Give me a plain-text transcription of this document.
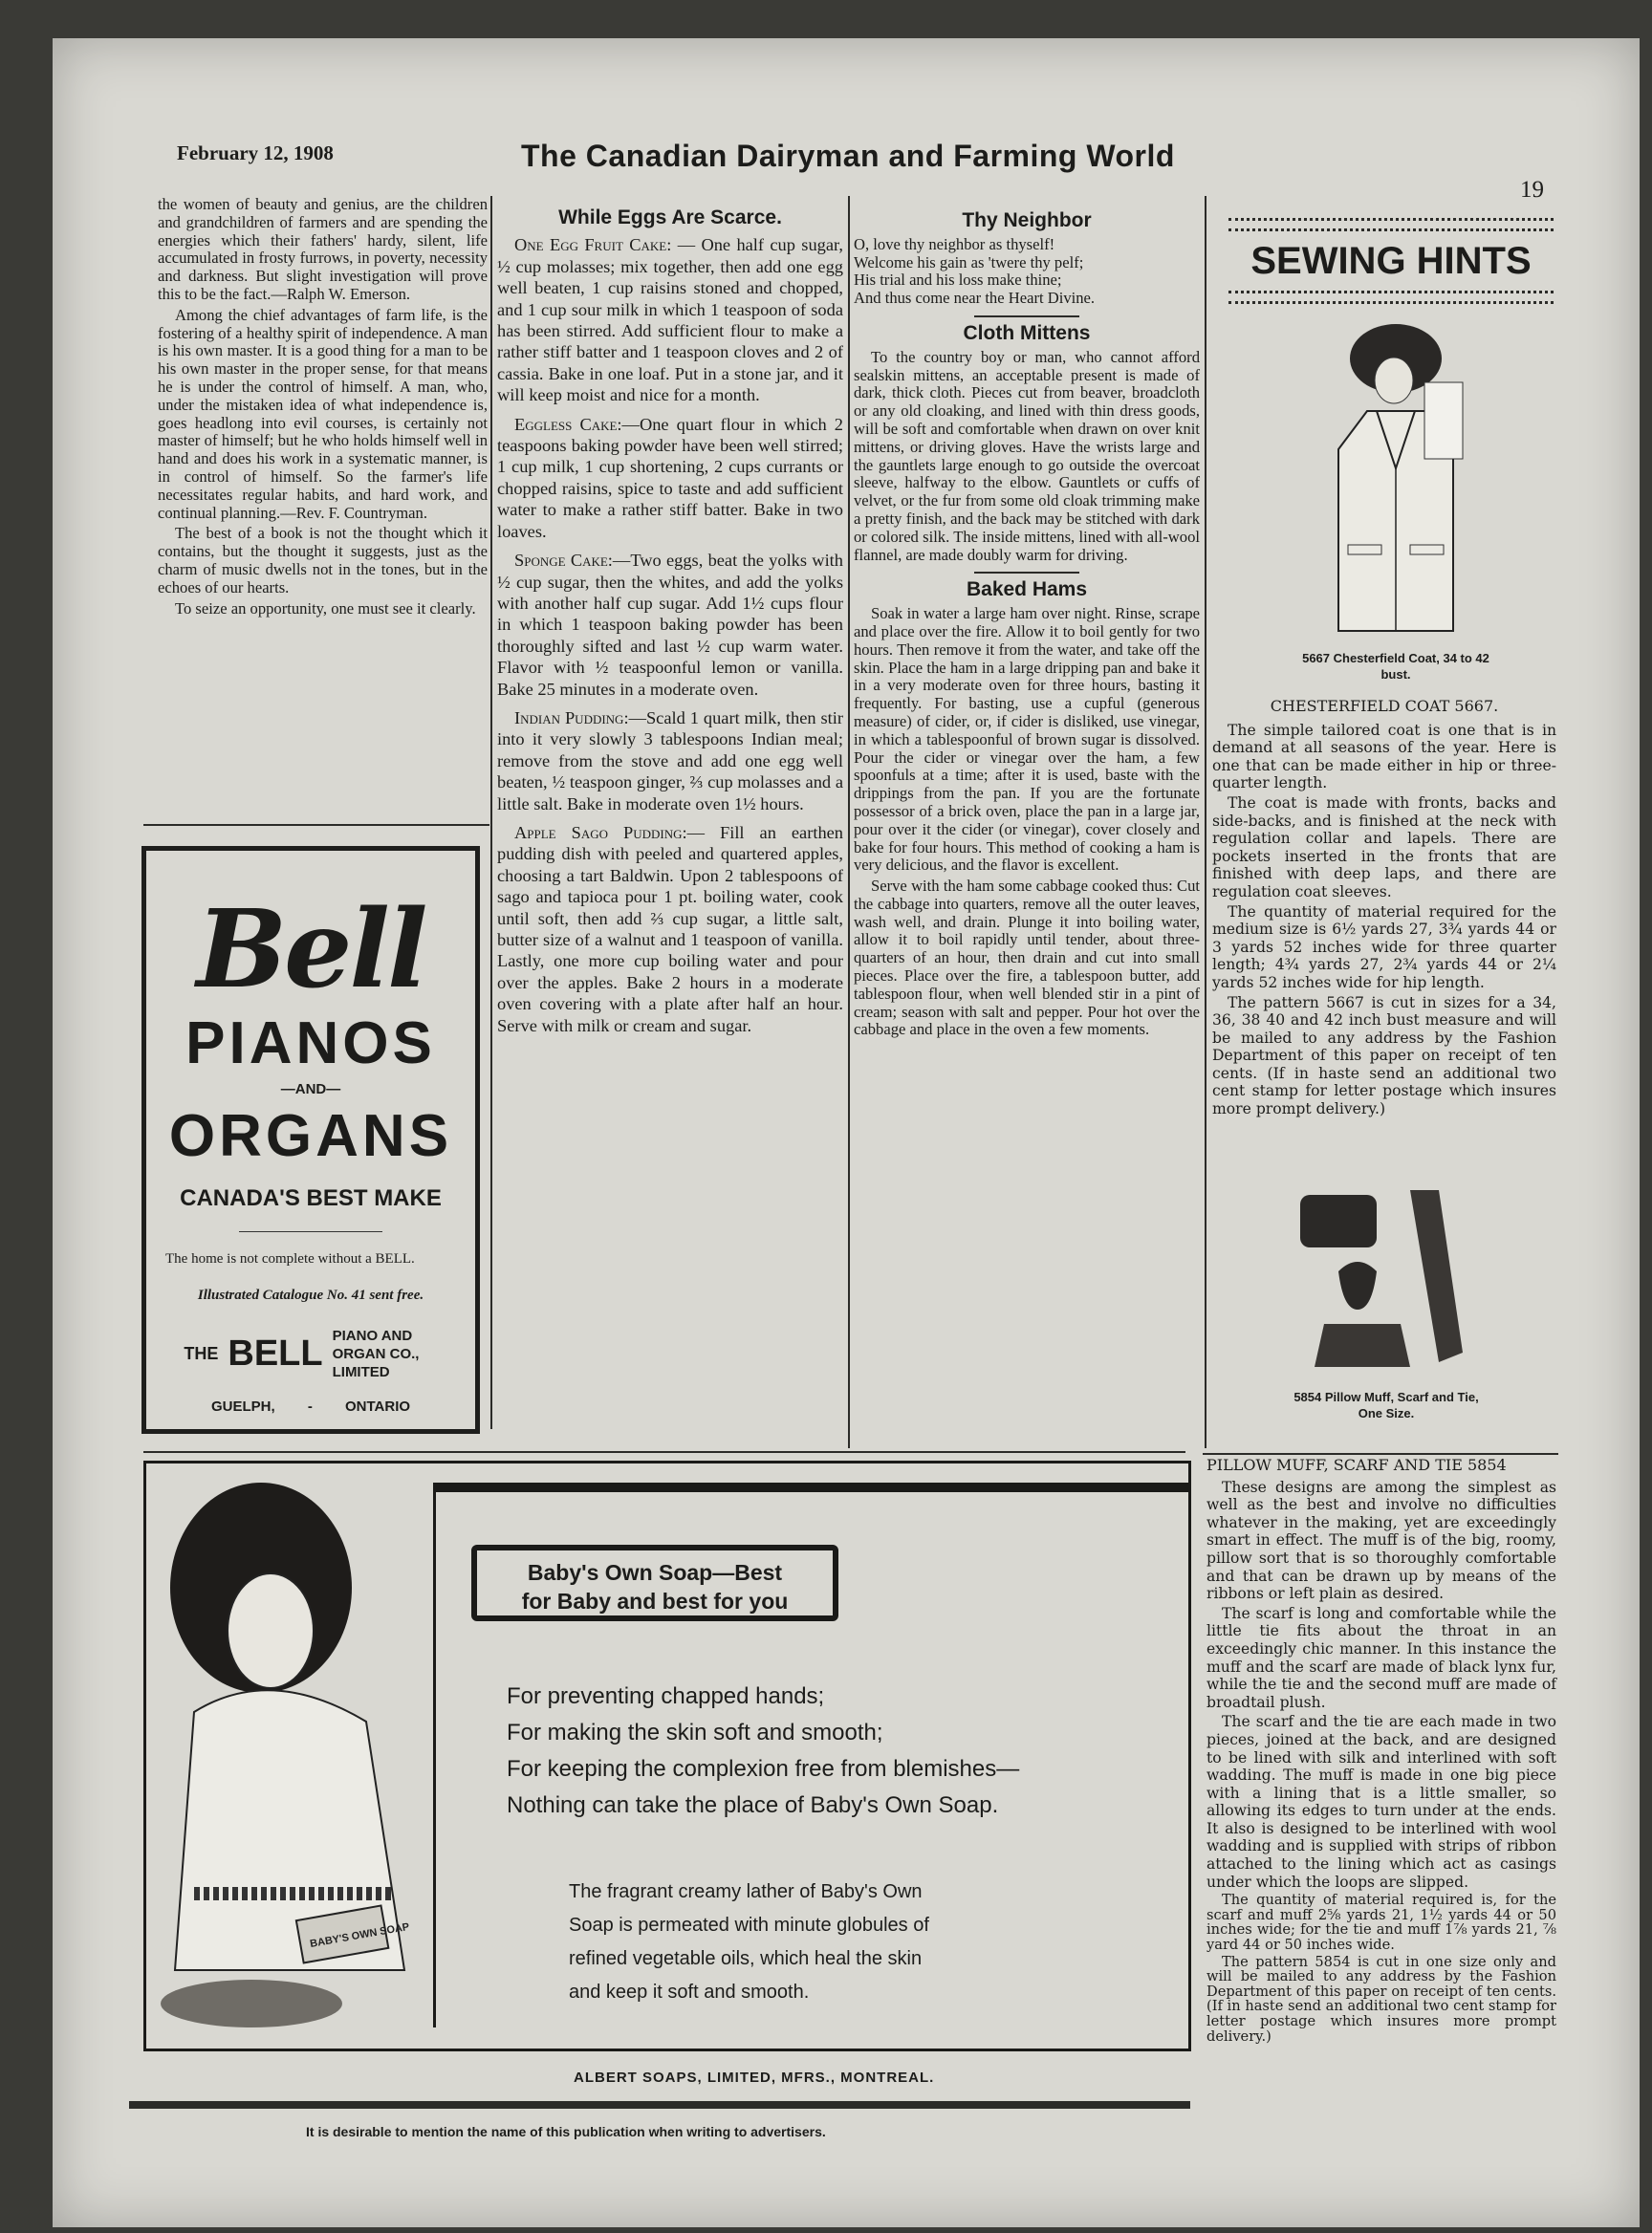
February 12, 1908	The Canadian Dairyman and Farming World
19

the women of beauty and genius, are the children and grandchildren of farmers and are spending the energies which their fathers' hardy, silent, life accumulated in frosty furrows, in poverty, necessity and darkness. But slight investigation will prove this to be the fact.—Ralph W. Emerson.

Among the chief advantages of farm life, is the fostering of a healthy spirit of independence. A man is his own master. It is a good thing for a man to be his own master in the proper sense, for that means he is under the control of himself. A man, who, under the mistaken idea of what independence is, goes headlong into evil courses, is certainly not master of himself; but he who holds himself well in hand and does his work in a systematic manner, is in control of himself. So the farmer's life necessitates regular habits, and hard work, and continual planning.—Rev. F. Countryman.

The best of a book is not the thought which it contains, but the thought it suggests, just as the charm of music dwells not in the tones, but in the echoes of our hearts.

To seize an opportunity, one must see it clearly.

Bell
PIANOS
—AND—
ORGANS
CANADA'S BEST MAKE
The home is not complete without a BELL.
Illustrated Catalogue No. 41 sent free.
THE BELL PIANO AND ORGAN CO., LIMITED
GUELPH, - ONTARIO
While Eggs Are Scarce.

One Egg Fruit Cake: — One half cup sugar, ½ cup molasses; mix together, then add one egg well beaten, 1 cup raisins stoned and chopped, and 1 cup sour milk in which 1 teaspoon of soda has been stirred. Add sufficient flour to make a rather stiff batter and 1 teaspoon cloves and 2 of cassia. Bake in one loaf. Put in a stone jar, and it will keep moist and nice for a month.

Eggless Cake:—One quart flour in which 2 teaspoons baking powder have been well stirred; 1 cup milk, 1 cup shortening, 2 cups currants or chopped raisins, spice to taste and add sufficient water to make a rather stiff batter. Bake in two loaves.

Sponge Cake:—Two eggs, beat the yolks with ½ cup sugar, then the whites, and add the yolks with another half cup sugar. Add 1½ cups flour in which 1 teaspoon baking powder has been thoroughly sifted and last ½ cup warm water. Flavor with ½ teaspoonful lemon or vanilla. Bake 25 minutes in a moderate oven.

Indian Pudding:—Scald 1 quart milk, then stir into it very slowly 3 tablespoons Indian meal; remove from the stove and add one egg well beaten, ½ teaspoon ginger, ⅔ cup molasses and a little salt. Bake in moderate oven 1½ hours.

Apple Sago Pudding:— Fill an earthen pudding dish with peeled and quartered apples, choosing a tart Baldwin. Upon 2 tablespoons of sago and tapioca pour 1 pt. boiling water, cook until soft, then add ⅔ cup sugar, a little salt, butter size of a walnut and 1 teaspoon of vanilla. Lastly, one more cup boiling water and pour over the apples. Bake 2 hours in a moderate oven covering with a plate after half an hour. Serve with milk or cream and sugar.

Thy Neighbor
O, love thy neighbor as thyself!
Welcome his gain as 'twere thy pelf;
His trial and his loss make thine;
And thus come near the Heart Divine.
Cloth Mittens

To the country boy or man, who cannot afford sealskin mittens, an acceptable present is made of dark, thick cloth. Pieces cut from beaver, broadcloth or any old cloaking, and lined with thin dress goods, will be soft and comfortable when drawn on over knit mittens, or driving gloves. Have the wrists large and the gauntlets large enough to go outside the overcoat sleeve, halfway to the elbow. Gauntlets or cuffs of velvet, or the fur from some old cloak trimming make a pretty finish, and the back may be stitched with dark or colored silk. The inside mittens, lined with all-wool flannel, are made doubly warm for driving.

Baked Hams

Soak in water a large ham over night. Rinse, scrape and place over the fire. Allow it to boil gently for two hours. Then remove it from the water, and take off the skin. Place the ham in a large dripping pan and bake it in a very moderate oven for three hours, basting it frequently. For basting, use a cupful (generous measure) of cider, or, if cider is disliked, use vinegar, in which a tablespoonful of brown sugar is dissolved. Pour the cider or vinegar over the ham, a few spoonfuls at a time; after it is used, baste with the drippings from the pan. If you are the fortunate possessor of a brick oven, place the pan in a large jar, pour over it the cider (or vinegar), cover closely and bake for four hours. This method of cooking a ham is very delicious, and the flavor is excellent.

Serve with the ham some cabbage cooked thus: Cut the cabbage into quarters, remove all the outer leaves, wash well, and drain. Plunge it into boiling water, allow it to boil rapidly until tender, about three-quarters of an hour, then drain and cut into small pieces. Place over the fire, a tablespoon butter, add tablespoon flour, when well blended stir in a pint of cream; season with salt and pepper. Pour hot over the cabbage and place in the oven a few moments.

SEWING HINTS
5667 Chesterfield Coat, 34 to 42 bust.
CHESTERFIELD COAT 5667.

The simple tailored coat is one that is in demand at all seasons of the year. Here is one that can be made either in hip or three-quarter length.

The coat is made with fronts, backs and side-backs, and is finished at the neck with regulation collar and lapels. There are pockets inserted in the fronts that are finished with deep laps, and there are regulation coat sleeves.

The quantity of material required for the medium size is 6½ yards 27, 3¾ yards 44 or 3 yards 52 inches wide for three quarter length; 4¾ yards 27, 2¾ yards 44 or 2¼ yards 52 inches wide for hip length.

The pattern 5667 is cut in sizes for a 34, 36, 38 40 and 42 inch bust measure and will be mailed to any address by the Fashion Department of this paper on receipt of ten cents. (If in haste send an additional two cent stamp for letter postage which insures more prompt delivery.)

5854 Pillow Muff, Scarf and Tie, One Size.
PILLOW MUFF, SCARF AND TIE 5854

These designs are among the simplest as well as the best and involve no difficulties whatever in the making, yet are exceedingly smart in effect. The muff is of the big, roomy, pillow sort that is so thoroughly comfortable and that can be drawn up by means of the ribbons or left plain as desired.

The scarf is long and comfortable while the little tie fits about the throat in an exceedingly chic manner. In this instance the muff and the scarf are made of black lynx fur, while the tie and the second muff are made of broadtail plush.

The scarf and the tie are each made in two pieces, joined at the back, and are designed to be lined with silk and interlined with soft wadding. The muff is made in one big piece with a lining that is a little smaller, so allowing its edges to turn under at the ends. It also is designed to be interlined with wool wadding and is supplied with strips of ribbon attached to the lining which act as casings under which the loops are slipped.

The quantity of material required is, for the scarf and muff 2⅝ yards 21, 1½ yards 44 or 50 inches wide; for the tie and muff 1⅞ yards 21, ⅞ yard 44 or 50 inches wide.

The pattern 5854 is cut in one size only and will be mailed to any address by the Fashion Department of this paper on receipt of ten cents. (If in haste send an additional two cent stamp for letter postage which insures more prompt delivery.)

BABY'S OWN SOAP
Baby's Own Soap—Best
for Baby and best for you
For preventing chapped hands;
For making the skin soft and smooth;
For keeping the complexion free from blemishes—
Nothing can take the place of Baby's Own Soap.
The fragrant creamy lather of Baby's Own
Soap is permeated with minute globules of
refined vegetable oils, which heal the skin
and keep it soft and smooth.
ALBERT SOAPS, LIMITED, MFRS., MONTREAL.
It is desirable to mention the name of this publication when writing to advertisers.
